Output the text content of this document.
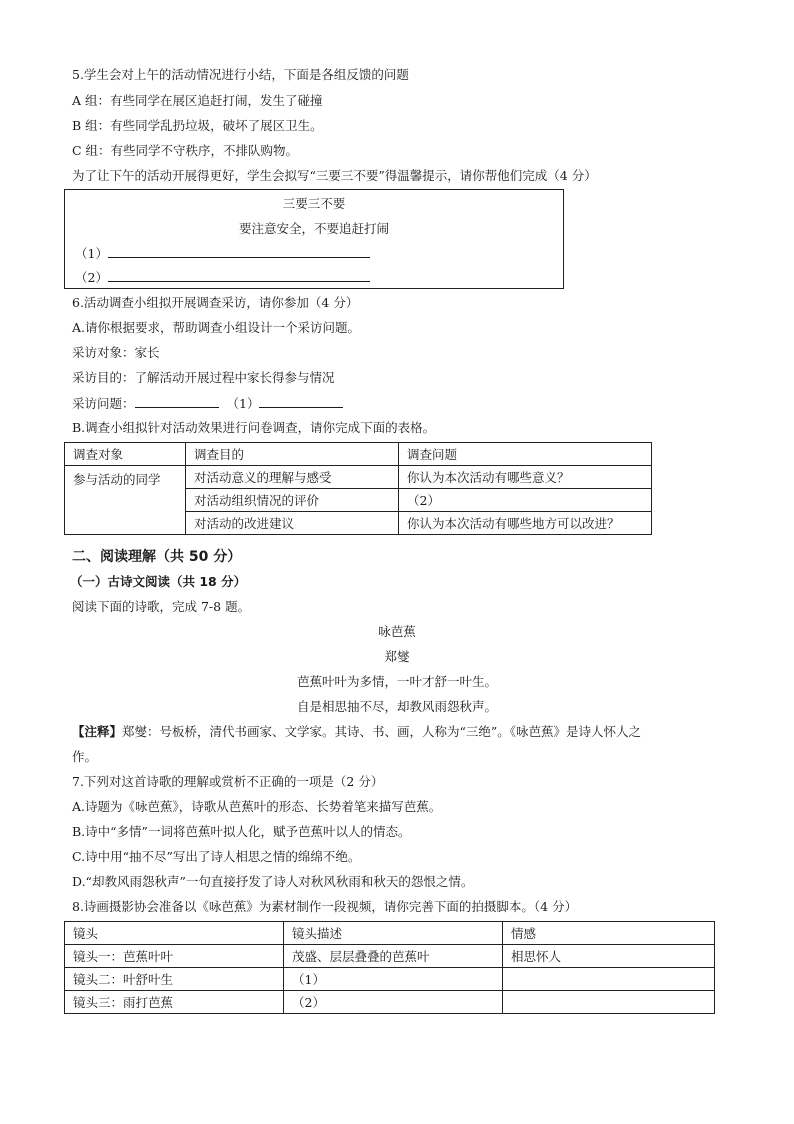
5.学生会对上午的活动情况进行小结，下面是各组反馈的问题
A 组：有些同学在展区追赶打闹，发生了碰撞
B 组：有些同学乱扔垃圾，破坏了展区卫生。
C 组：有些同学不守秩序，不排队购物。
为了让下午的活动开展得更好，学生会拟写“三要三不要”得温馨提示，请你帮他们完成（4 分）
三要三不要
要注意安全，不要追赶打闹
（1）
（2）
6.活动调查小组拟开展调查采访，请你参加（4 分）
A.请你根据要求，帮助调查小组设计一个采访问题。
采访对象：家长
采访目的：了解活动开展过程中家长得参与情况
采访问题：	（1）
B.调查小组拟针对活动效果进行问卷调查，请你完成下面的表格。
调查对象	调查目的	调查问题
参与活动的同学	对活动意义的理解与感受	你认为本次活动有哪些意义？
	对活动组织情况的评价	（2）
	对活动的改进建议	你认为本次活动有哪些地方可以改进？
二、阅读理解（共 50 分）
（一）古诗文阅读（共 18 分）
阅读下面的诗歌，完成 7-8 题。
咏芭蕉
郑燮
芭蕉叶叶为多情，一叶才舒一叶生。
自是相思抽不尽，却教风雨怨秋声。
【注释】郑燮：号板桥，清代书画家、文学家。其诗、书、画，人称为“三绝”。《咏芭蕉》是诗人怀人之
作。
7.下列对这首诗歌的理解或赏析不正确的一项是（2 分）
A.诗题为《咏芭蕉》，诗歌从芭蕉叶的形态、长势着笔来描写芭蕉。
B.诗中“多情”一词将芭蕉叶拟人化，赋予芭蕉叶以人的情态。
C.诗中用“抽不尽”写出了诗人相思之情的绵绵不绝。
D.“却教风雨怨秋声”一句直接抒发了诗人对秋风秋雨和秋天的怨恨之情。
8.诗画摄影协会准备以《咏芭蕉》为素材制作一段视频，请你完善下面的拍摄脚本。（4 分）
镜头	镜头描述	情感
镜头一：芭蕉叶叶	茂盛、层层叠叠的芭蕉叶	相思怀人
镜头二：叶舒叶生	（1）	
镜头三：雨打芭蕉	（2）	
